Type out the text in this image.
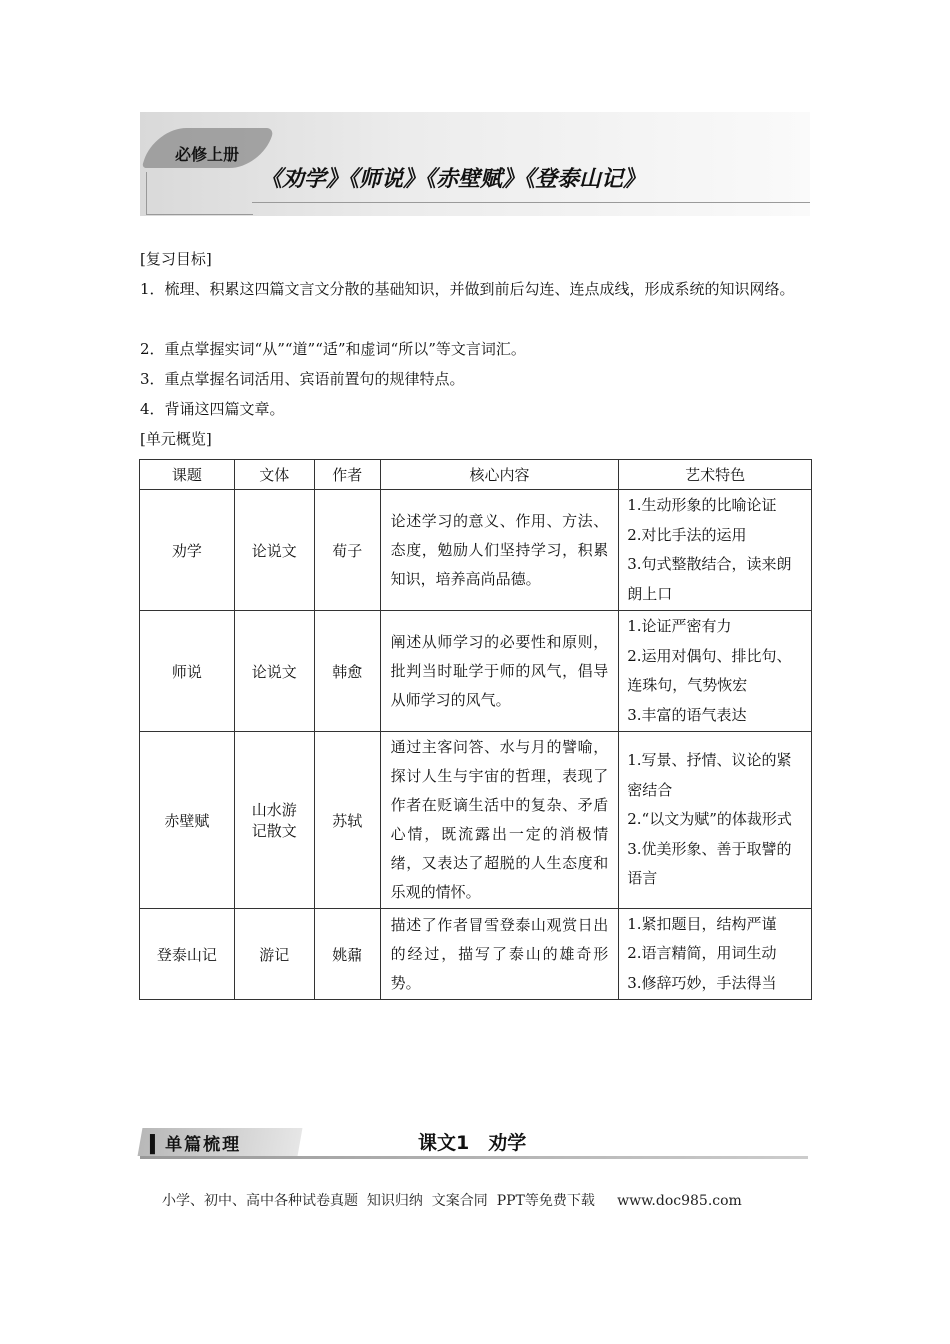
必修上册
《劝学》《师说》《赤壁赋》《登泰山记》
[复习目标]
1．梳理、积累这四篇文言文分散的基础知识，并做到前后勾连、连点成线，形成系统的知识网络。
2．重点掌握实词“从”“道”“适”和虚词“所以”等文言词汇。
3．重点掌握名词活用、宾语前置句的规律特点。
4．背诵这四篇文章。
[单元概览]
课题	文体	作者	核心内容	艺术特色
劝学	论说文	荀子	论述学习的意义、作用、方法、态度，勉励人们坚持学习，积累知识，培养高尚品德。	1.生动形象的比喻论证
2.对比手法的运用
3.句式整散结合，读来朗朗上口

师说	论说文	韩愈	阐述从师学习的必要性和原则，批判当时耻学于师的风气，倡导从师学习的风气。	1.论证严密有力
2.运用对偶句、排比句、连珠句，气势恢宏
3.丰富的语气表达

赤壁赋	山水游记散文	苏轼	通过主客问答、水与月的譬喻，探讨人生与宇宙的哲理，表现了作者在贬谪生活中的复杂、矛盾心情，既流露出一定的消极情绪，又表达了超脱的人生态度和乐观的情怀。	1.写景、抒情、议论的紧密结合
2.“以文为赋”的体裁形式
3.优美形象、善于取譬的语言

登泰山记	游记	姚鼐	描述了作者冒雪登泰山观赏日出的经过，描写了泰山的雄奇形势。	1.紧扣题目，结构严谨
2.语言精简，用词生动
3.修辞巧妙，手法得当
▍单篇梳理	课文1　劝学
小学、初中、高中各种试卷真题  知识归纳  文案合同  PPT等免费下载     www.doc985.com
